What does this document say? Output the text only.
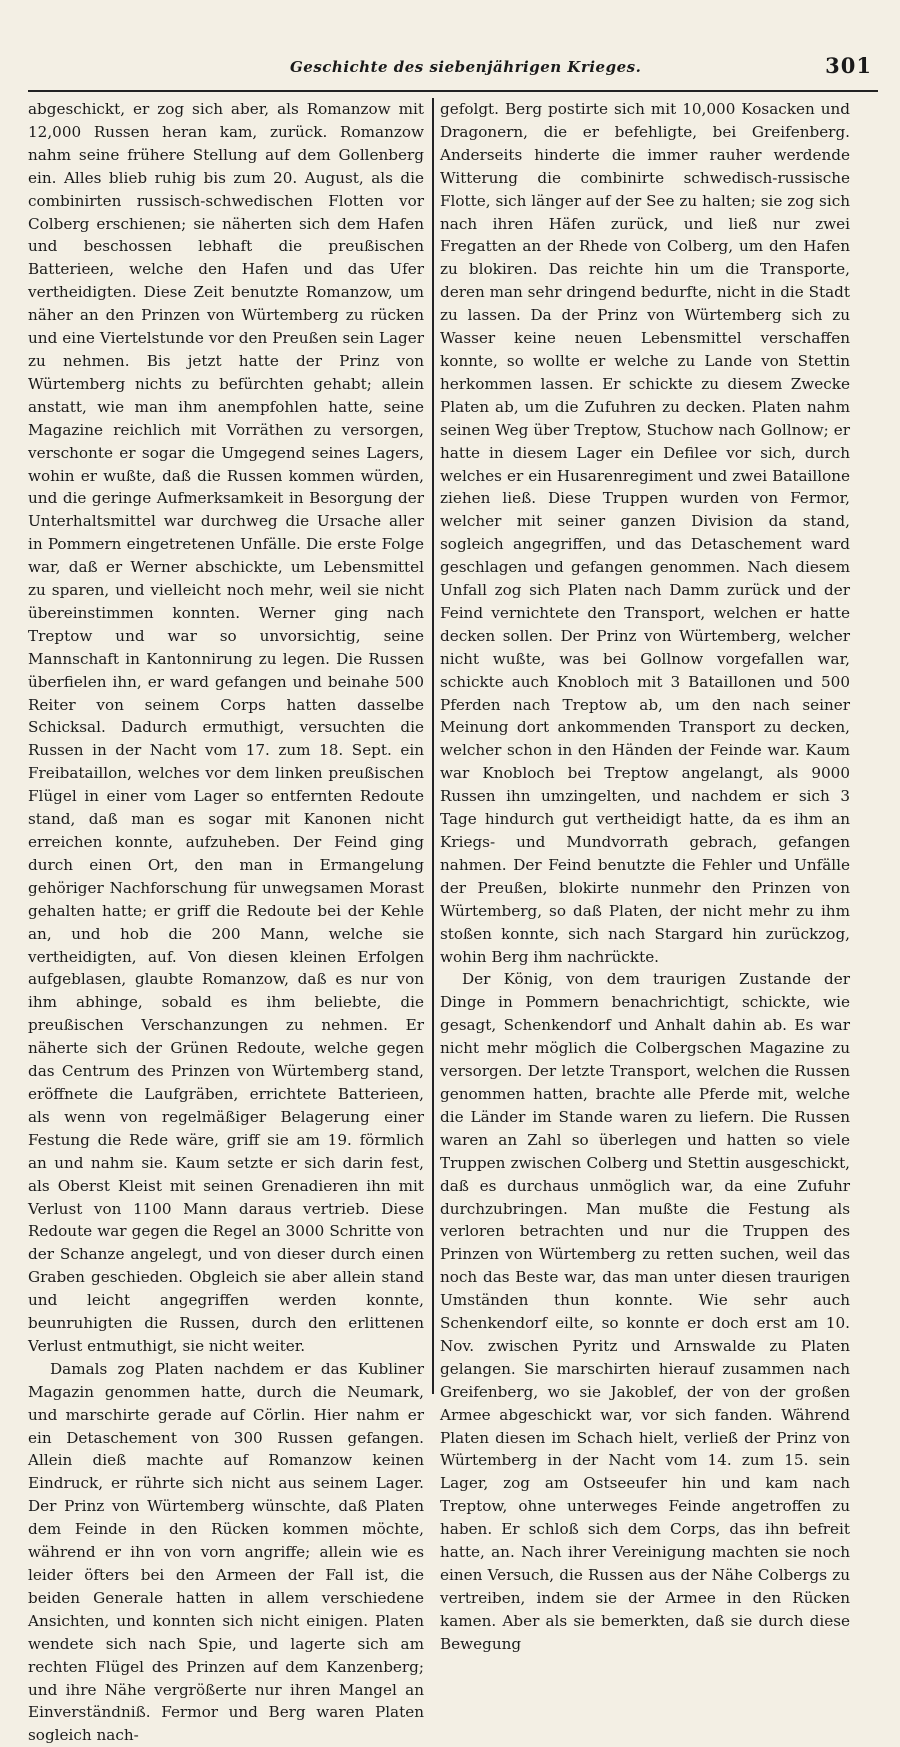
Geschichte des siebenjährigen Krieges.	301

abgeschickt, er zog sich aber, als Romanzow mit 12,000 Russen heran kam, zurück. Romanzow nahm seine frühere Stellung auf dem Gollenberg ein. Alles blieb ruhig bis zum 20. August, als die combinirten russisch-schwedischen Flotten vor Colberg erschienen; sie näherten sich dem Hafen und beschossen lebhaft die preußischen Batterieen, welche den Hafen und das Ufer vertheidigten. Diese Zeit benutzte Romanzow, um näher an den Prinzen von Würtemberg zu rücken und eine Viertelstunde vor den Preußen sein Lager zu nehmen. Bis jetzt hatte der Prinz von Würtemberg nichts zu befürchten gehabt; allein anstatt, wie man ihm anempfohlen hatte, seine Magazine reichlich mit Vorräthen zu versorgen, verschonte er sogar die Umgegend seines Lagers, wohin er wußte, daß die Russen kommen würden, und die geringe Aufmerksamkeit in Besorgung der Unterhaltsmittel war durchweg die Ursache aller in Pommern eingetretenen Unfälle. Die erste Folge war, daß er Werner abschickte, um Lebensmittel zu sparen, und vielleicht noch mehr, weil sie nicht übereinstimmen konnten. Werner ging nach Treptow und war so unvorsichtig, seine Mannschaft in Kantonnirung zu legen. Die Russen überfielen ihn, er ward gefangen und beinahe 500 Reiter von seinem Corps hatten dasselbe Schicksal. Dadurch ermuthigt, versuchten die Russen in der Nacht vom 17. zum 18. Sept. ein Freibataillon, welches vor dem linken preußischen Flügel in einer vom Lager so entfernten Redoute stand, daß man es sogar mit Kanonen nicht erreichen konnte, aufzuheben. Der Feind ging durch einen Ort, den man in Ermangelung gehöriger Nachforschung für unwegsamen Morast gehalten hatte; er griff die Redoute bei der Kehle an, und hob die 200 Mann, welche sie vertheidigten, auf. Von diesen kleinen Erfolgen aufgeblasen, glaubte Romanzow, daß es nur von ihm abhinge, sobald es ihm beliebte, die preußischen Verschanzungen zu nehmen. Er näherte sich der Grünen Redoute, welche gegen das Centrum des Prinzen von Würtemberg stand, eröffnete die Laufgräben, errichtete Batterieen, als wenn von regelmäßiger Belagerung einer Festung die Rede wäre, griff sie am 19. förmlich an und nahm sie. Kaum setzte er sich darin fest, als Oberst Kleist mit seinen Grenadieren ihn mit Verlust von 1100 Mann daraus vertrieb. Diese Redoute war gegen die Regel an 3000 Schritte von der Schanze angelegt, und von dieser durch einen Graben geschieden. Obgleich sie aber allein stand und leicht angegriffen werden konnte, beunruhigten die Russen, durch den erlittenen Verlust entmuthigt, sie nicht weiter.

Damals zog Platen nachdem er das Kubliner Magazin genommen hatte, durch die Neumark, und marschirte gerade auf Cörlin. Hier nahm er ein Detaschement von 300 Russen gefangen. Allein dieß machte auf Romanzow keinen Eindruck, er rührte sich nicht aus seinem Lager. Der Prinz von Würtemberg wünschte, daß Platen dem Feinde in den Rücken kommen möchte, während er ihn von vorn angriffe; allein wie es leider öfters bei den Armeen der Fall ist, die beiden Generale hatten in allem verschiedene Ansichten, und konnten sich nicht einigen. Platen wendete sich nach Spie, und lagerte sich am rechten Flügel des Prinzen auf dem Kanzenberg; und ihre Nähe vergrößerte nur ihren Mangel an Einverständniß. Fermor und Berg waren Platen sogleich nach-

gefolgt. Berg postirte sich mit 10,000 Kosacken und Dragonern, die er befehligte, bei Greifenberg. Anderseits hinderte die immer rauher werdende Witterung die combinirte schwedisch-russische Flotte, sich länger auf der See zu halten; sie zog sich nach ihren Häfen zurück, und ließ nur zwei Fregatten an der Rhede von Colberg, um den Hafen zu blokiren. Das reichte hin um die Transporte, deren man sehr dringend bedurfte, nicht in die Stadt zu lassen. Da der Prinz von Würtemberg sich zu Wasser keine neuen Lebensmittel verschaffen konnte, so wollte er welche zu Lande von Stettin herkommen lassen. Er schickte zu diesem Zwecke Platen ab, um die Zufuhren zu decken. Platen nahm seinen Weg über Treptow, Stuchow nach Gollnow; er hatte in diesem Lager ein Defilee vor sich, durch welches er ein Husarenregiment und zwei Bataillone ziehen ließ. Diese Truppen wurden von Fermor, welcher mit seiner ganzen Division da stand, sogleich angegriffen, und das Detaschement ward geschlagen und gefangen genommen. Nach diesem Unfall zog sich Platen nach Damm zurück und der Feind vernichtete den Transport, welchen er hatte decken sollen. Der Prinz von Würtemberg, welcher nicht wußte, was bei Gollnow vorgefallen war, schickte auch Knobloch mit 3 Bataillonen und 500 Pferden nach Treptow ab, um den nach seiner Meinung dort ankommenden Transport zu decken, welcher schon in den Händen der Feinde war. Kaum war Knobloch bei Treptow angelangt, als 9000 Russen ihn umzingelten, und nachdem er sich 3 Tage hindurch gut vertheidigt hatte, da es ihm an Kriegs- und Mundvorrath gebrach, gefangen nahmen. Der Feind benutzte die Fehler und Unfälle der Preußen, blokirte nunmehr den Prinzen von Würtemberg, so daß Platen, der nicht mehr zu ihm stoßen konnte, sich nach Stargard hin zurückzog, wohin Berg ihm nachrückte.

Der König, von dem traurigen Zustande der Dinge in Pommern benachrichtigt, schickte, wie gesagt, Schenkendorf und Anhalt dahin ab. Es war nicht mehr möglich die Colbergschen Magazine zu versorgen. Der letzte Transport, welchen die Russen genommen hatten, brachte alle Pferde mit, welche die Länder im Stande waren zu liefern. Die Russen waren an Zahl so überlegen und hatten so viele Truppen zwischen Colberg und Stettin ausgeschickt, daß es durchaus unmöglich war, da eine Zufuhr durchzubringen. Man mußte die Festung als verloren betrachten und nur die Truppen des Prinzen von Würtemberg zu retten suchen, weil das noch das Beste war, das man unter diesen traurigen Umständen thun konnte. Wie sehr auch Schenkendorf eilte, so konnte er doch erst am 10. Nov. zwischen Pyritz und Arnswalde zu Platen gelangen. Sie marschirten hierauf zusammen nach Greifenberg, wo sie Jakoblef, der von der großen Armee abgeschickt war, vor sich fanden. Während Platen diesen im Schach hielt, verließ der Prinz von Würtemberg in der Nacht vom 14. zum 15. sein Lager, zog am Ostseeufer hin und kam nach Treptow, ohne unterweges Feinde angetroffen zu haben. Er schloß sich dem Corps, das ihn befreit hatte, an. Nach ihrer Vereinigung machten sie noch einen Versuch, die Russen aus der Nähe Colbergs zu vertreiben, indem sie der Armee in den Rücken kamen. Aber als sie bemerkten, daß sie durch diese Bewegung
